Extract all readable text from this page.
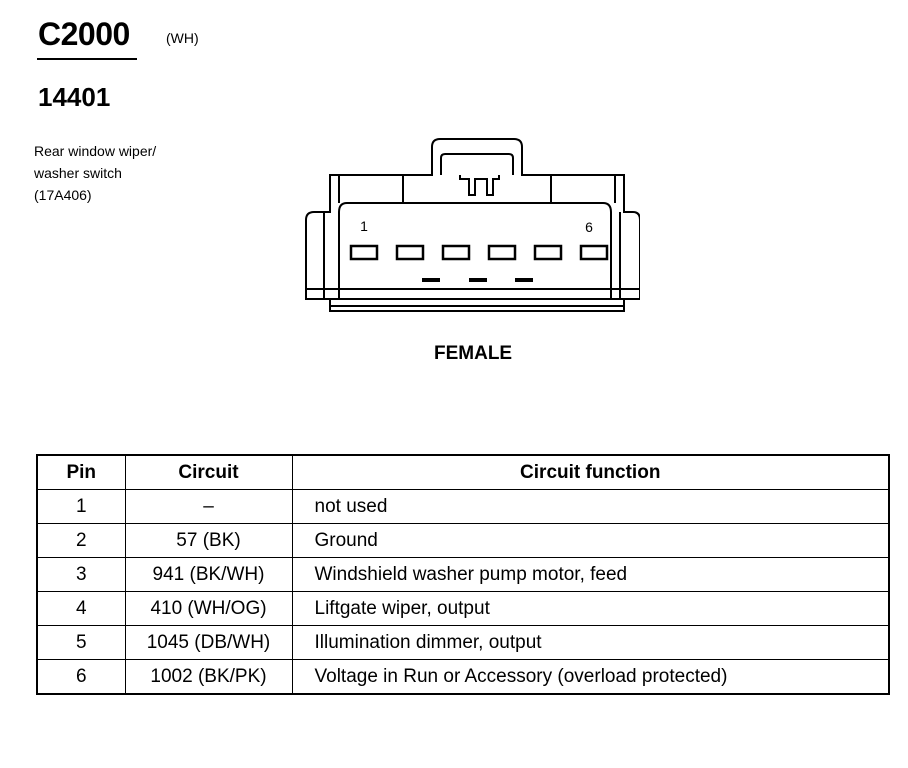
C2000	(WH)
14401
Rear window wiper/
washer switch
(17A406)
1	6
FEMALE
Pin	Circuit	Circuit function
1	–	not used
2	57 (BK)	Ground
3	941 (BK/WH)	Windshield washer pump motor, feed
4	410 (WH/OG)	Liftgate wiper, output
5	1045 (DB/WH)	Illumination dimmer, output
6	1002 (BK/PK)	Voltage in Run or Accessory (overload protected)
